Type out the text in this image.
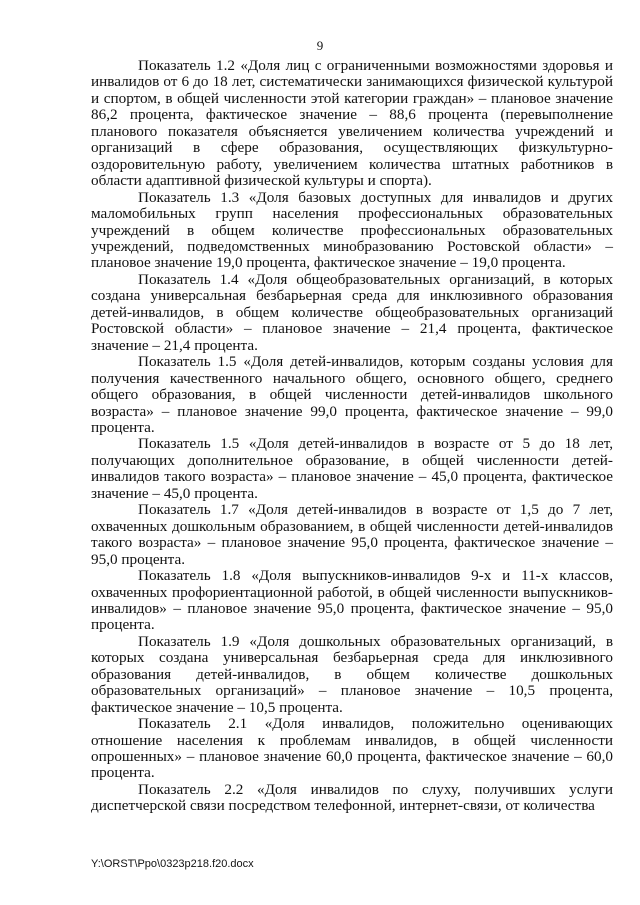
9

Показатель 1.2 «Доля лиц с ограниченными возможностями здоровья и инвалидов от 6 до 18 лет, систематически занимающихся физической культурой и спортом, в общей численности этой категории граждан» – плановое значение 86,2 процента, фактическое значение – 88,6 процента (перевыполнение планового показателя объясняется увеличением количества учреждений и организаций в сфере образования, осуществляющих физкультурно-оздоровительную работу, увеличением количества штатных работников в области адаптивной физической культуры и спорта).

Показатель 1.3 «Доля базовых доступных для инвалидов и других маломобильных групп населения профессиональных образовательных учреждений в общем количестве профессиональных образовательных учреждений, подведомственных минобразованию Ростовской области» – плановое значение 19,0 процента, фактическое значение – 19,0 процента.

Показатель 1.4 «Доля общеобразовательных организаций, в которых создана универсальная безбарьерная среда для инклюзивного образования детей-инвалидов, в общем количестве общеобразовательных организаций Ростовской области» – плановое значение – 21,4 процента, фактическое значение – 21,4 процента.

Показатель 1.5 «Доля детей-инвалидов, которым созданы условия для получения качественного начального общего, основного общего, среднего общего образования, в общей численности детей-инвалидов школьного возраста» – плановое значение 99,0 процента, фактическое значение – 99,0 процента.

Показатель 1.5 «Доля детей-инвалидов в возрасте от 5 до 18 лет, получающих дополнительное образование, в общей численности детей-инвалидов такого возраста» – плановое значение – 45,0 процента, фактическое значение – 45,0 процента.

Показатель 1.7 «Доля детей-инвалидов в возрасте от 1,5 до 7 лет, охваченных дошкольным образованием, в общей численности детей-инвалидов такого возраста» – плановое значение 95,0 процента, фактическое значение – 95,0 процента.

Показатель 1.8 «Доля выпускников-инвалидов 9-х и 11-х классов, охваченных профориентационной работой, в общей численности выпускников-инвалидов» – плановое значение 95,0 процента, фактическое значение – 95,0 процента.

Показатель 1.9 «Доля дошкольных образовательных организаций, в которых создана универсальная безбарьерная среда для инклюзивного образования детей-инвалидов, в общем количестве дошкольных образовательных организаций» – плановое значение – 10,5 процента, фактическое значение – 10,5 процента.

Показатель 2.1 «Доля инвалидов, положительно оценивающих отношение населения к проблемам инвалидов, в общей численности опрошенных» – плановое значение 60,0 процента, фактическое значение – 60,0 процента.

Показатель 2.2 «Доля инвалидов по слуху, получивших услуги диспетчерской связи посредством телефонной, интернет-связи, от количества

Y:\ORST\Ppo\0323p218.f20.docx
